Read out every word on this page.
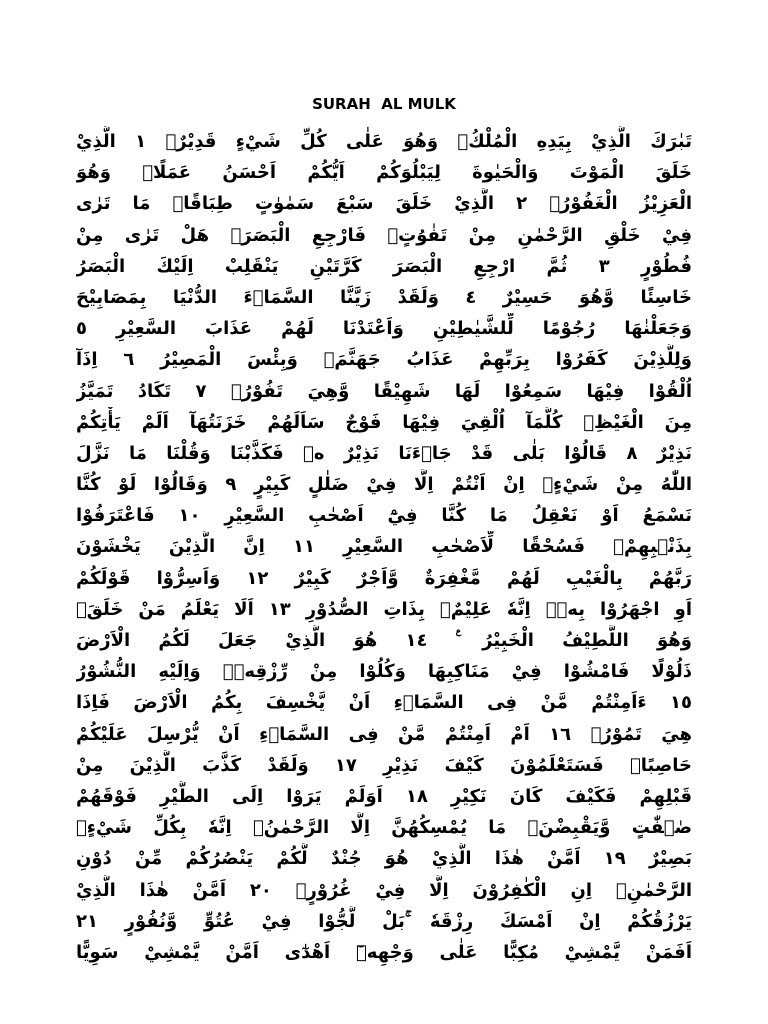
SURAH  AL MULK
تَبٰرَكَ الَّذِيْ بِيَدِهِ الْمُلْكُۖ وَهُوَ عَلٰى كُلِّ شَيْءٍ قَدِيْرٌۙ ١ الَّذِيْ
خَلَقَ الْمَوْتَ وَالْحَيٰوةَ لِيَبْلُوَكُمْ اَيُّكُمْ اَحْسَنُ عَمَلًاۗ وَهُوَ
الْعَزِيْزُ الْغَفُوْرُۙ ٢ الَّذِيْ خَلَقَ سَبْعَ سَمٰوٰتٍ طِبَاقًاۗ مَا تَرٰى
فِيْ خَلْقِ الرَّحْمٰنِ مِنْ تَفٰوُتٍۗ فَارْجِعِ الْبَصَرَۙ هَلْ تَرٰى مِنْ
فُطُوْرٍ ٣ ثُمَّ ارْجِعِ الْبَصَرَ كَرَّتَيْنِ يَنْقَلِبْ اِلَيْكَ الْبَصَرُ
خَاسِئًا وَّهُوَ حَسِيْرٌ ٤ وَلَقَدْ زَيَّنَّا السَّمَاۤءَ الدُّنْيَا بِمَصَابِيْحَ
وَجَعَلْنٰهَا رُجُوْمًا لِّلشَّيٰطِيْنِ وَاَعْتَدْنَا لَهُمْ عَذَابَ السَّعِيْرِ ٥
وَلِلَّذِيْنَ كَفَرُوْا بِرَبِّهِمْ عَذَابُ جَهَنَّمَۗ وَبِئْسَ الْمَصِيْرُ ٦ اِذَآ
اُلْقُوْا فِيْهَا سَمِعُوْا لَهَا شَهِيْقًا وَّهِيَ تَفُوْرُۙ ٧ تَكَادُ تَمَيَّزُ
مِنَ الْغَيْظِۗ كُلَّمَآ اُلْقِيَ فِيْهَا فَوْجٌ سَاَلَهُمْ خَزَنَتُهَآ اَلَمْ يَأْتِكُمْ
نَذِيْرٌ ٨ قَالُوْا بَلٰى قَدْ جَاۤءَنَا نَذِيْرٌ ەۙ فَكَذَّبْنَا وَقُلْنَا مَا نَزَّلَ
اللّٰهُ مِنْ شَيْءٍۖ اِنْ اَنْتُمْ اِلَّا فِيْ ضَلٰلٍ كَبِيْرٍ ٩ وَقَالُوْا لَوْ كُنَّا
نَسْمَعُ اَوْ نَعْقِلُ مَا كُنَّا فِيْٓ اَصْحٰبِ السَّعِيْرِ ١٠ فَاعْتَرَفُوْا
بِذَنْۢبِهِمْۚ فَسُحْقًا لِّاَصْحٰبِ السَّعِيْرِ ١١ اِنَّ الَّذِيْنَ يَخْشَوْنَ
رَبَّهُمْ بِالْغَيْبِ لَهُمْ مَّغْفِرَةٌ وَّاَجْرٌ كَبِيْرٌ ١٢ وَاَسِرُّوْا قَوْلَكُمْ
اَوِ اجْهَرُوْا بِهٖۗ اِنَّهٗ عَلِيْمٌۢ بِذَاتِ الصُّدُوْرِ ١٣ اَلَا يَعْلَمُ مَنْ خَلَقَۗ
وَهُوَ اللَّطِيْفُ الْخَبِيْرُ ࣖ ١٤ هُوَ الَّذِيْ جَعَلَ لَكُمُ الْاَرْضَ
ذَلُوْلًا فَامْشُوْا فِيْ مَنَاكِبِهَا وَكُلُوْا مِنْ رِّزْقِهٖۗ وَاِلَيْهِ النُّشُوْرُ
١٥ ءَاَمِنْتُمْ مَّنْ فِى السَّمَاۤءِ اَنْ يَّخْسِفَ بِكُمُ الْاَرْضَ فَاِذَا
هِيَ تَمُوْرُۙ ١٦ اَمْ اَمِنْتُمْ مَّنْ فِى السَّمَاۤءِ اَنْ يُّرْسِلَ عَلَيْكُمْ
حَاصِبًاۗ فَسَتَعْلَمُوْنَ كَيْفَ نَذِيْرِ ١٧ وَلَقَدْ كَذَّبَ الَّذِيْنَ مِنْ
قَبْلِهِمْ فَكَيْفَ كَانَ نَكِيْرِ ١٨ اَوَلَمْ يَرَوْا اِلَى الطَّيْرِ فَوْقَهُمْ
صٰۤفّٰتٍ وَّيَقْبِضْنَۘ مَا يُمْسِكُهُنَّ اِلَّا الرَّحْمٰنُۗ اِنَّهٗ بِكُلِّ شَيْءٍۢ
بَصِيْرٌ ١٩ اَمَّنْ هٰذَا الَّذِيْ هُوَ جُنْدٌ لَّكُمْ يَنْصُرُكُمْ مِّنْ دُوْنِ
الرَّحْمٰنِۗ اِنِ الْكٰفِرُوْنَ اِلَّا فِيْ غُرُوْرٍۚ ٢٠ اَمَّنْ هٰذَا الَّذِيْ
يَرْزُقُكُمْ اِنْ اَمْسَكَ رِزْقَهٗ ۚبَلْ لَّجُّوْا فِيْ عُتُوٍّ وَّنُفُوْرٍ ٢١
اَفَمَنْ يَّمْشِيْ مُكِبًّا عَلٰى وَجْهِهٖٓ اَهْدٰٓى اَمَّنْ يَّمْشِيْ سَوِيًّا
